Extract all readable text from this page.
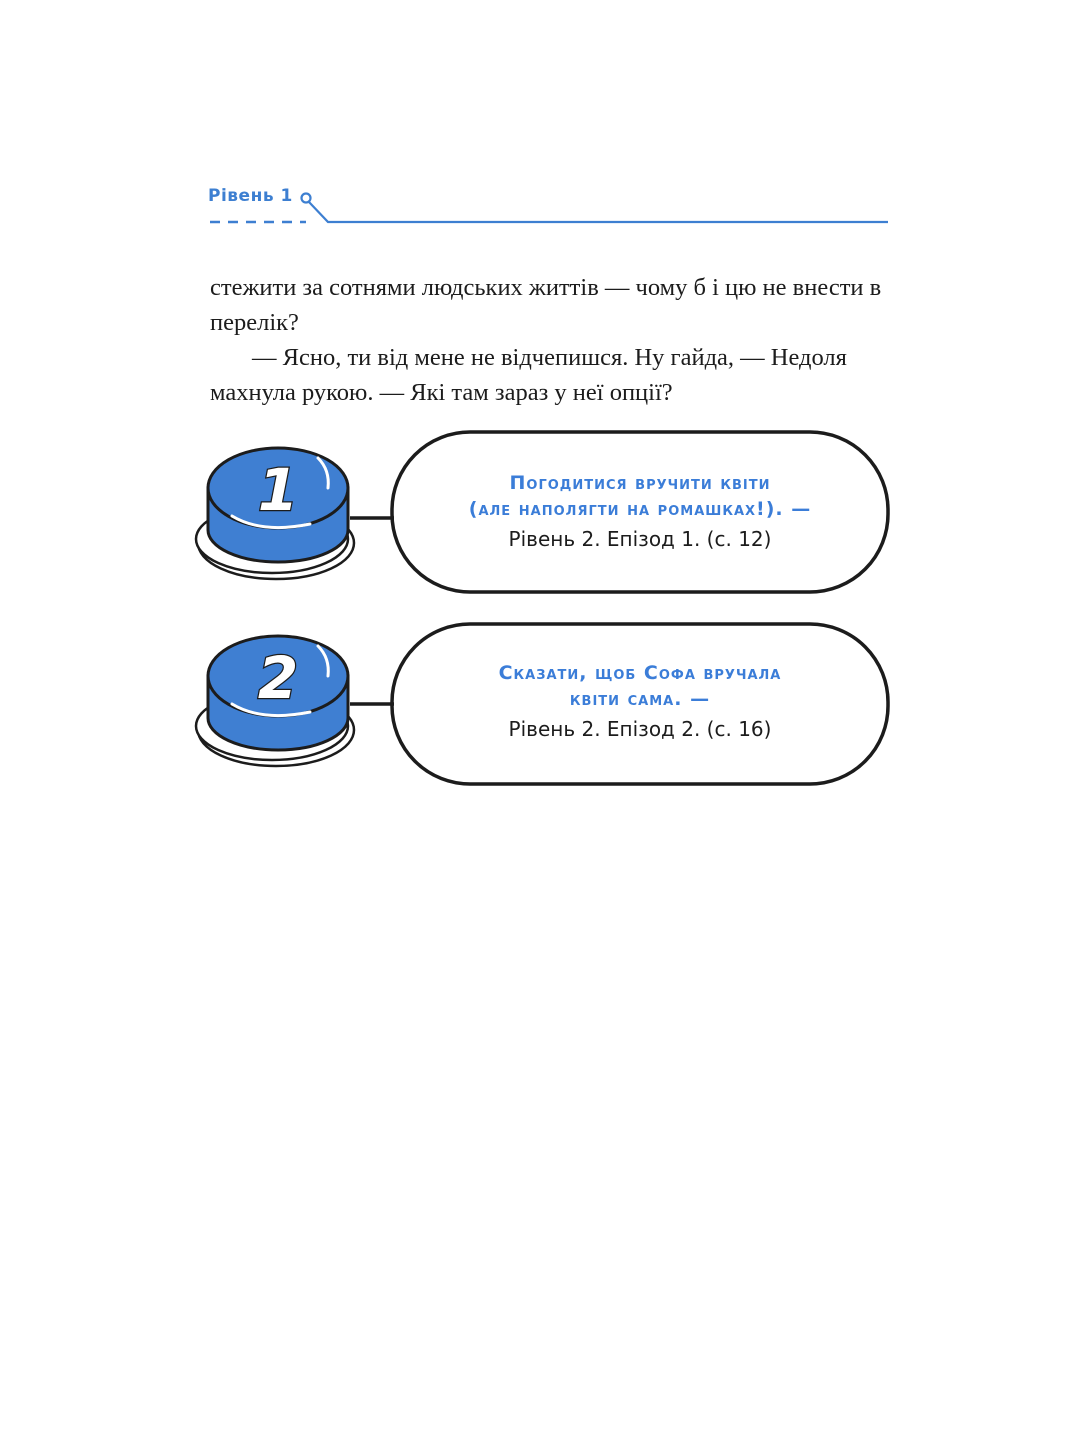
Рівень 1

стежити за сотнями людських життів — чому б і цю не внести в перелік?

— Ясно, ти від мене не відчепишся. Ну гайда, — Недоля махнула рукою. — Які там зараз у неї опції?

1
2
Погодитися вручити квіти
(але наполягти на ромашках!). —
Рівень 2. Епізод 1. (с. 12)
Сказати, щоб Софа вручала
квіти сама. —
Рівень 2. Епізод 2. (с. 16)
